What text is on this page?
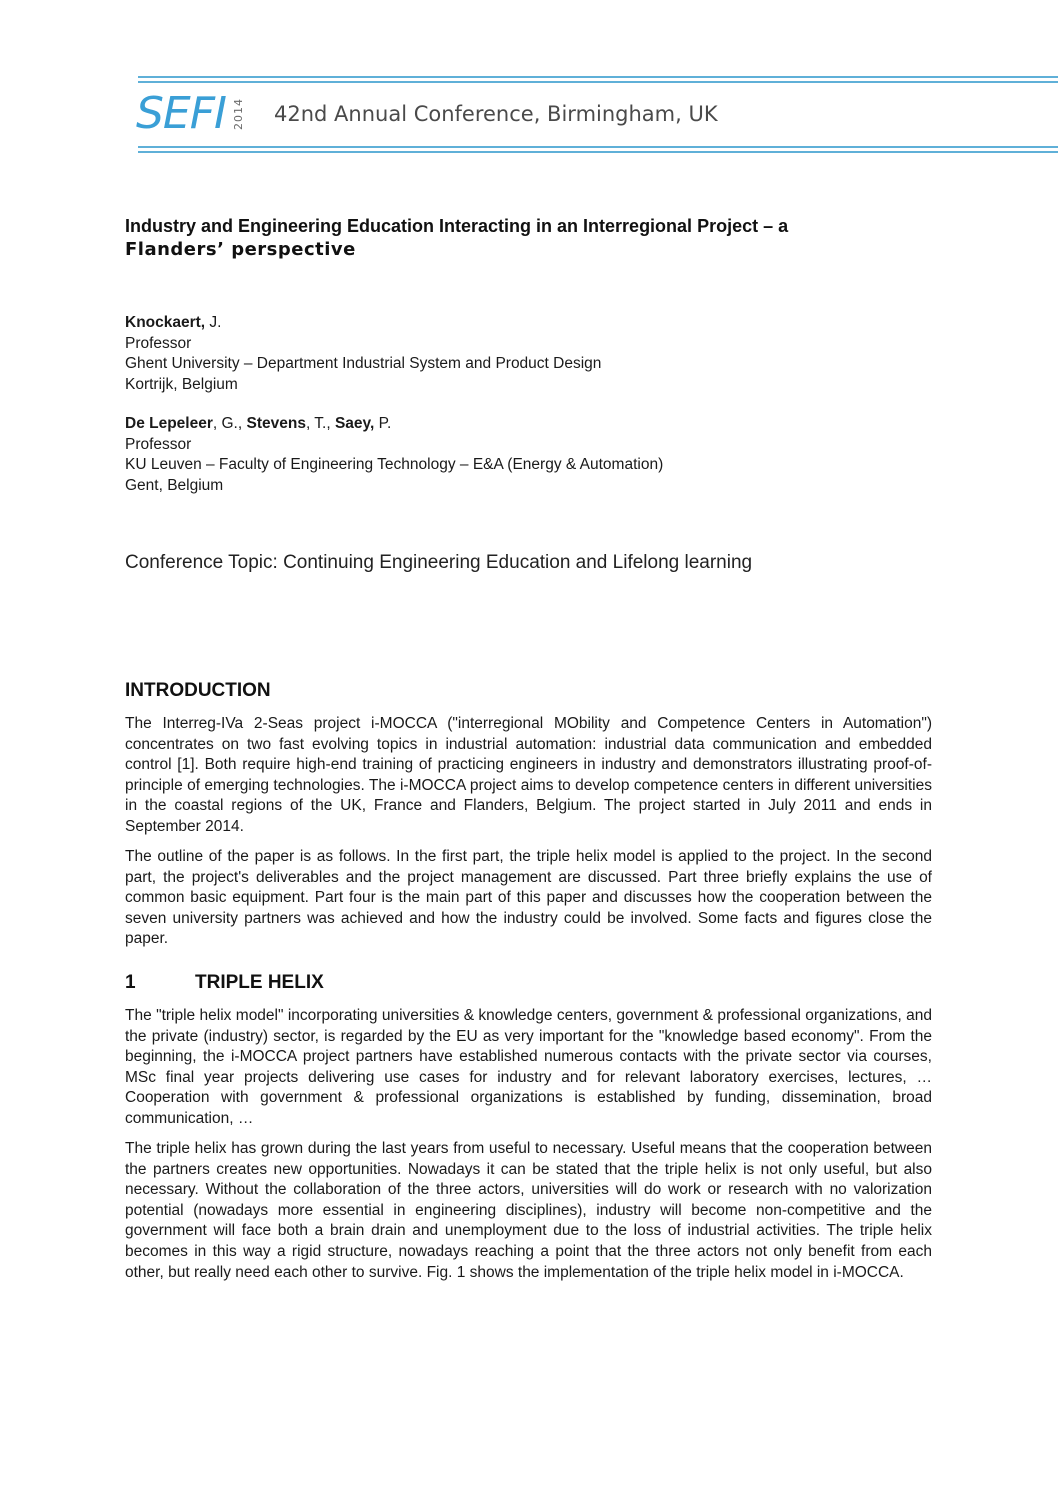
SEFI 2014 42nd Annual Conference, Birmingham, UK
Industry and Engineering Education Interacting in an Interregional Project – a
Flanders’ perspective
Knockaert, J.
Professor
Ghent University – Department Industrial System and Product Design
Kortrijk, Belgium
De Lepeleer, G., Stevens, T., Saey, P.
Professor
KU Leuven – Faculty of Engineering Technology – E&A (Energy & Automation)
Gent, Belgium
Conference Topic: Continuing Engineering Education and Lifelong learning
INTRODUCTION

The Interreg-IVa 2-Seas project i-MOCCA ("interregional MObility and Competence Centers in Automation") concentrates on two fast evolving topics in industrial automation: industrial data communication and embedded control [1]. Both require high-end training of practicing engineers in industry and demonstrators illustrating proof-of-principle of emerging technologies. The i-MOCCA project aims to develop competence centers in different universities in the coastal regions of the UK, France and Flanders, Belgium. The project started in July 2011 and ends in September 2014.

The outline of the paper is as follows. In the first part, the triple helix model is applied to the project. In the second part, the project's deliverables and the project management are discussed. Part three briefly explains the use of common basic equipment. Part four is the main part of this paper and discusses how the cooperation between the seven university partners was achieved and how the industry could be involved. Some facts and figures close the paper.

1	TRIPLE HELIX

The "triple helix model" incorporating universities & knowledge centers, government & professional organizations, and the private (industry) sector, is regarded by the EU as very important for the "knowledge based economy". From the beginning, the i-MOCCA project partners have established numerous contacts with the private sector via courses, MSc final year projects delivering use cases for industry and for relevant laboratory exercises, lectures, … Cooperation with government & professional organizations is established by funding, dissemination, broad communication, …

The triple helix has grown during the last years from useful to necessary. Useful means that the cooperation between the partners creates new opportunities. Nowadays it can be stated that the triple helix is not only useful, but also necessary. Without the collaboration of the three actors, universities will do work or research with no valorization potential (nowadays more essential in engineering disciplines), industry will become non-competitive and the government will face both a brain drain and unemployment due to the loss of industrial activities. The triple helix becomes in this way a rigid structure, nowadays reaching a point that the three actors not only benefit from each other, but really need each other to survive. Fig. 1 shows the implementation of the triple helix model in i-MOCCA.
